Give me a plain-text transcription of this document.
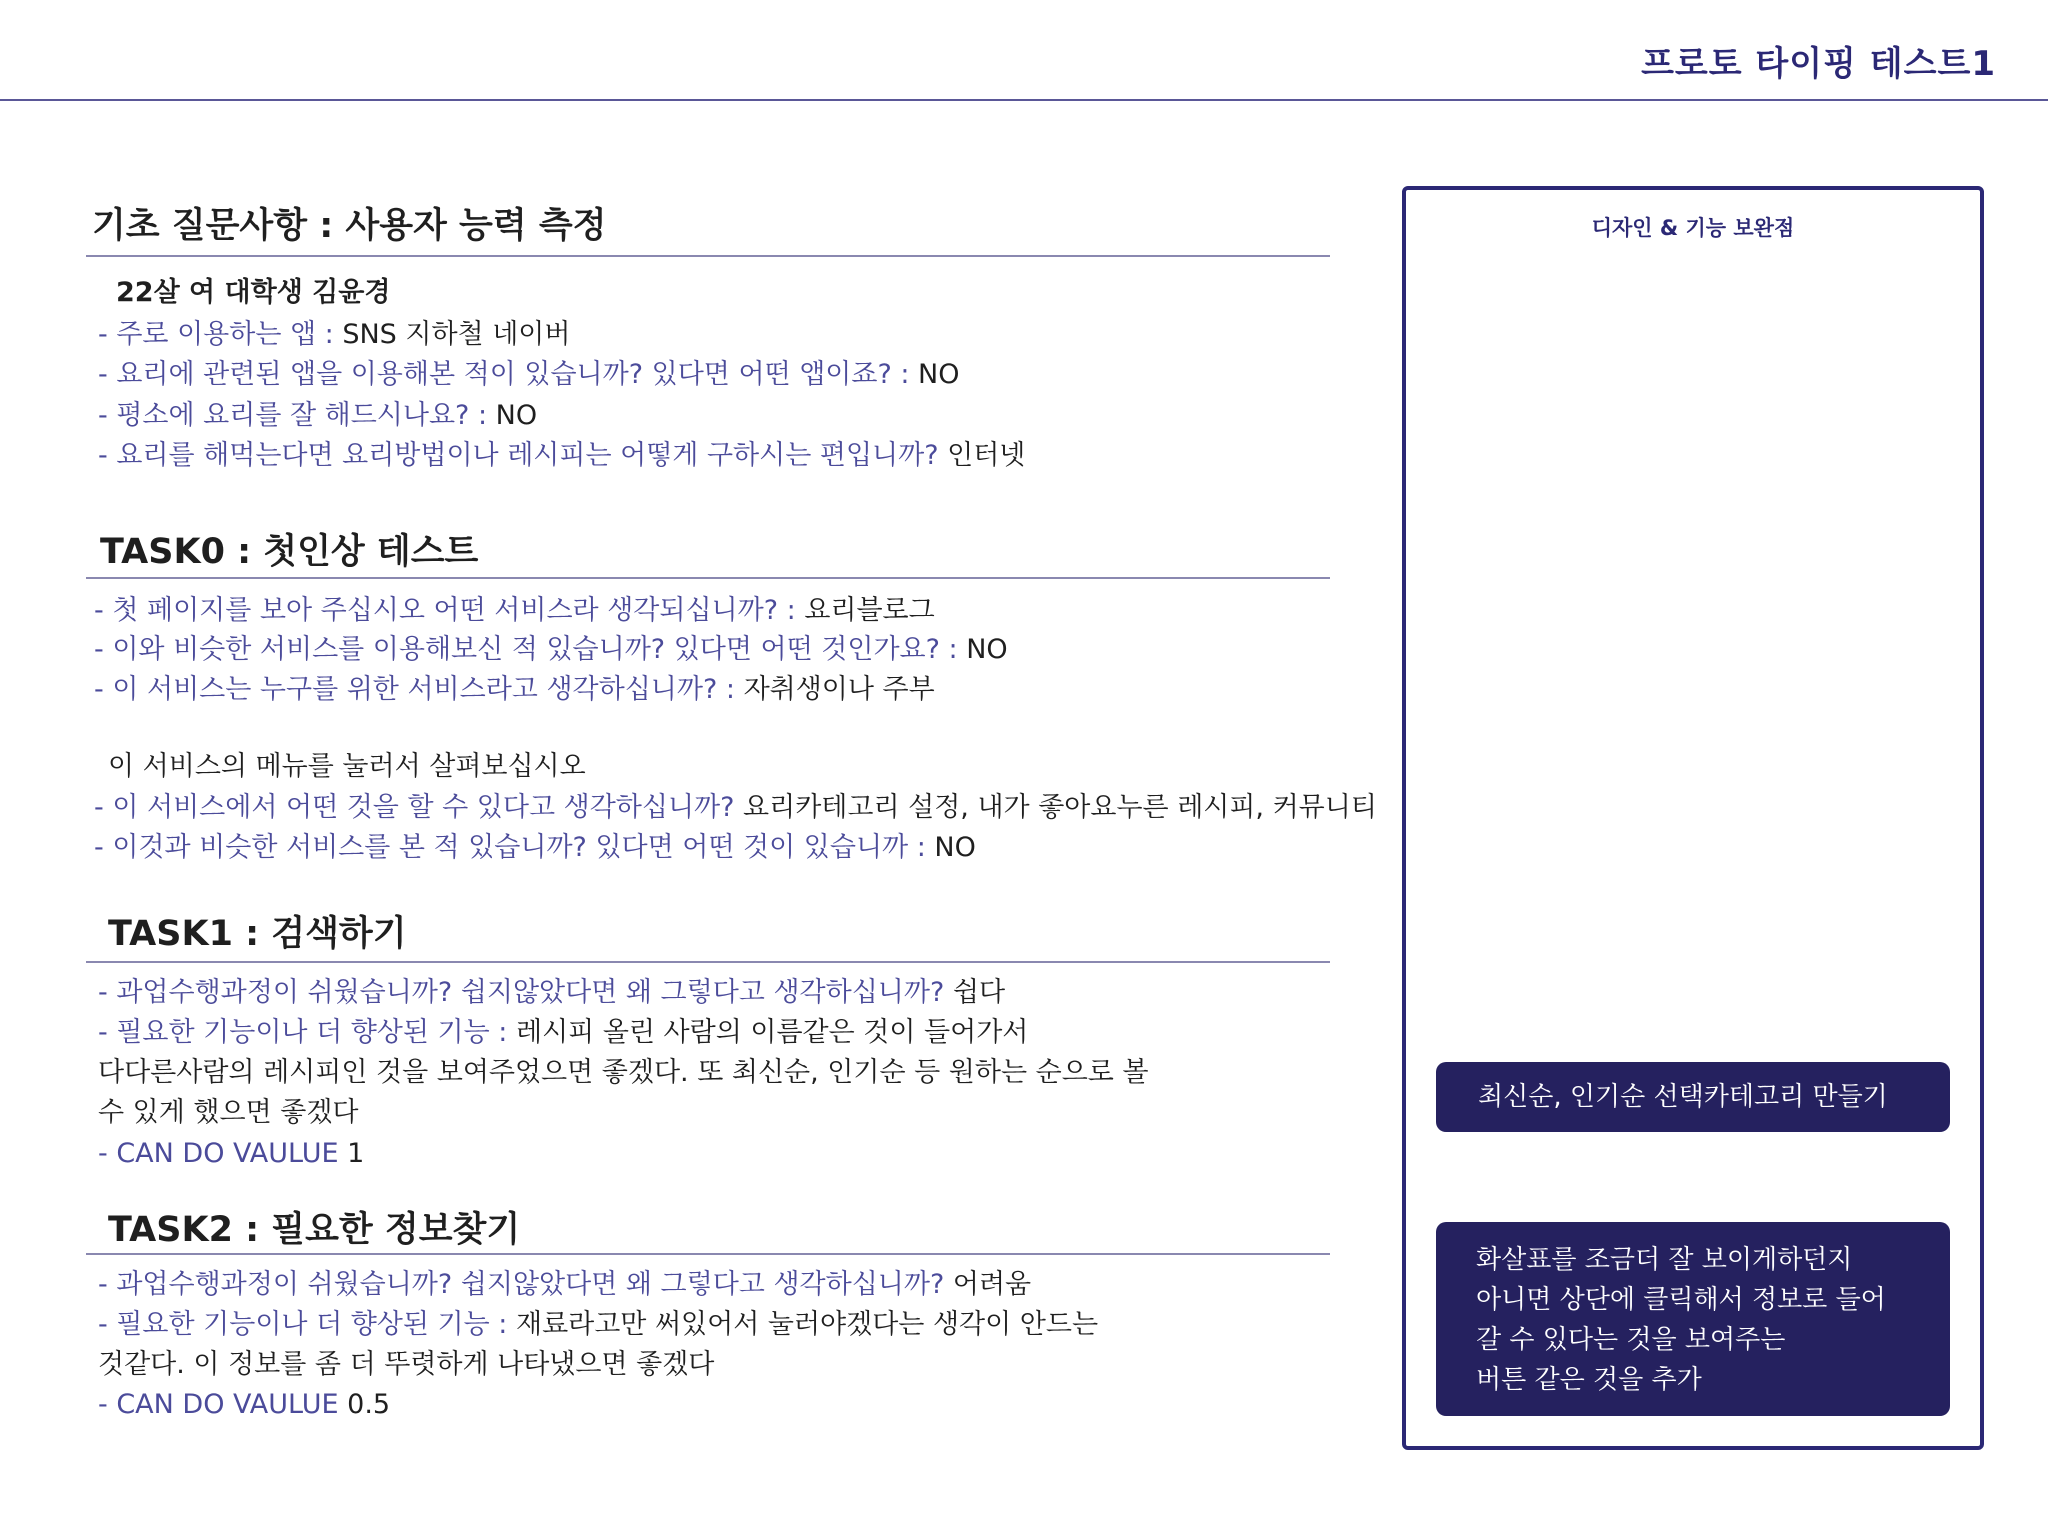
프로토 타이핑 테스트1
기초 질문사항 : 사용자 능력 측정
22살 여 대학생 김윤경
- 주로 이용하는 앱 : SNS 지하철 네이버
- 요리에 관련된 앱을 이용해본 적이 있습니까? 있다면 어떤 앱이죠? : NO
- 평소에 요리를 잘 해드시나요? : NO
- 요리를 해먹는다면 요리방법이나 레시피는 어떻게 구하시는 편입니까? 인터넷
TASK0 : 첫인상 테스트
- 첫 페이지를 보아 주십시오 어떤 서비스라 생각되십니까? : 요리블로그
- 이와 비슷한 서비스를 이용해보신 적 있습니까? 있다면 어떤 것인가요? : NO
- 이 서비스는 누구를 위한 서비스라고 생각하십니까? : 자취생이나 주부
이 서비스의 메뉴를 눌러서 살펴보십시오
- 이 서비스에서 어떤 것을 할 수 있다고 생각하십니까? 요리카테고리 설정, 내가 좋아요누른 레시피, 커뮤니티
- 이것과 비슷한 서비스를 본 적 있습니까? 있다면 어떤 것이 있습니까 : NO
TASK1 : 검색하기
- 과업수행과정이 쉬웠습니까? 쉽지않았다면 왜 그렇다고 생각하십니까? 쉽다
- 필요한 기능이나 더 향상된 기능 : 레시피 올린 사람의 이름같은 것이 들어가서
다다른사람의 레시피인 것을 보여주었으면 좋겠다. 또 최신순, 인기순 등 원하는 순으로 볼
수 있게 했으면 좋겠다
- CAN DO VAULUE 1
TASK2 : 필요한 정보찾기
- 과업수행과정이 쉬웠습니까? 쉽지않았다면 왜 그렇다고 생각하십니까? 어려움
- 필요한 기능이나 더 향상된 기능 : 재료라고만 써있어서 눌러야겠다는 생각이 안드는
것같다. 이 정보를 좀 더 뚜렷하게 나타냈으면 좋겠다
- CAN DO VAULUE 0.5
디자인 & 기능 보완점
최신순, 인기순 선택카테고리 만들기
화살표를 조금더 잘 보이게하던지
아니면 상단에 클릭해서 정보로 들어
갈 수 있다는 것을 보여주는
버튼 같은 것을 추가
